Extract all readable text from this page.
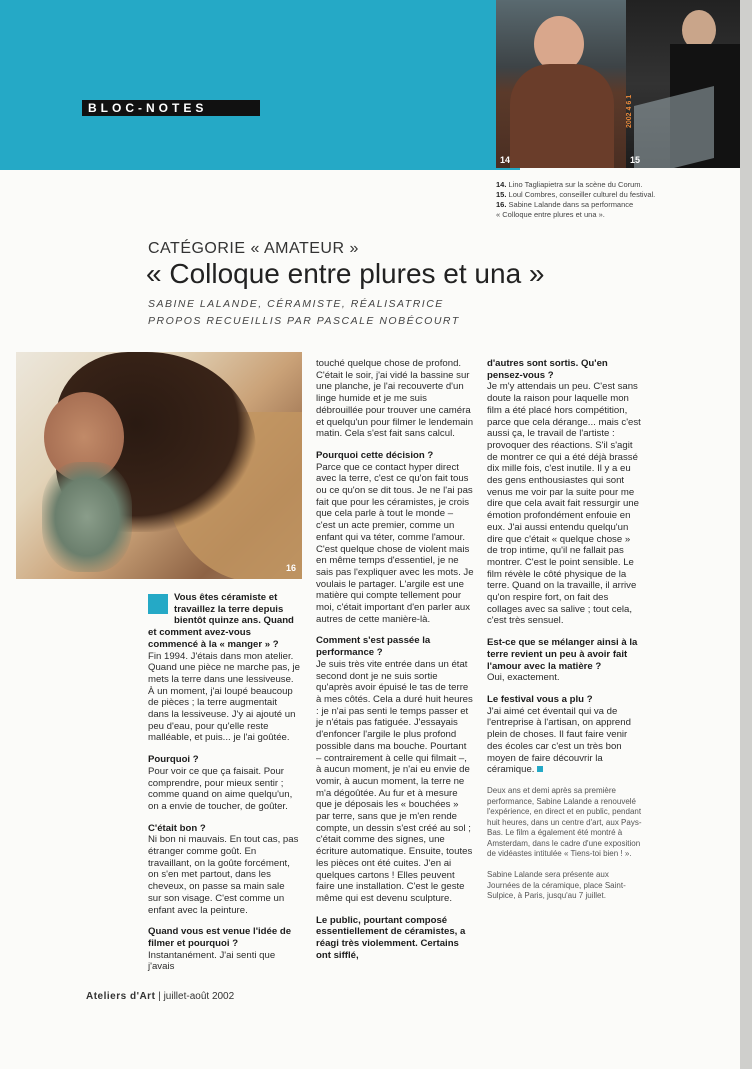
BLOC-NOTES
14	15
2002 4 6 1
14. Lino Tagliapietra sur la scène du Corum.
15. Loul Combres, conseiller culturel du festival.
16. Sabine Lalande dans sa performance
« Colloque entre plures et una ».
CATÉGORIE « AMATEUR »
« Colloque entre plures et una »
SABINE LALANDE, CÉRAMISTE, RÉALISATRICE
PROPOS RECUEILLIS PAR PASCALE NOBÉCOURT
16

Vous êtes céramiste et travaillez la terre depuis bientôt quinze ans. Quand et comment avez-vous commencé à la « manger » ?

Fin 1994. J'étais dans mon atelier. Quand une pièce ne marche pas, je mets la terre dans une lessiveuse. À un moment, j'ai loupé beaucoup de pièces ; la terre augmentait dans la lessiveuse. J'y ai ajouté un peu d'eau, pour qu'elle reste malléable, et puis... je l'ai goûtée.

Pourquoi ?

Pour voir ce que ça faisait. Pour comprendre, pour mieux sentir ; comme quand on aime quelqu'un, on a envie de toucher, de goûter.

C'était bon ?

Ni bon ni mauvais. En tout cas, pas étranger comme goût. En travaillant, on la goûte forcément, on s'en met partout, dans les cheveux, on passe sa main sale sur son visage. C'est comme un enfant avec la peinture.

Quand vous est venue l'idée de filmer et pourquoi ?

Instantanément. J'ai senti que j'avais

touché quelque chose de profond. C'était le soir, j'ai vidé la bassine sur une planche, je l'ai recouverte d'un linge humide et je me suis débrouillée pour trouver une caméra et quelqu'un pour filmer le lendemain matin. Cela s'est fait sans calcul.

Pourquoi cette décision ?

Parce que ce contact hyper direct avec la terre, c'est ce qu'on fait tous ou ce qu'on se dit tous. Je ne l'ai pas fait que pour les céramistes, je crois que cela parle à tout le monde – c'est un acte premier, comme un enfant qui va téter, comme l'amour. C'est quelque chose de violent mais en même temps d'essentiel, je ne sais pas l'expliquer avec les mots. Je voulais le partager. L'argile est une matière qui compte tellement pour moi, c'était important d'en parler aux autres de cette manière-là.

Comment s'est passée la performance ?

Je suis très vite entrée dans un état second dont je ne suis sortie qu'après avoir épuisé le tas de terre à mes côtés. Cela a duré huit heures : je n'ai pas senti le temps passer et je n'étais pas fatiguée. J'essayais d'enfoncer l'argile le plus profond possible dans ma bouche. Pourtant – contrairement à celle qui filmait –, à aucun moment, je n'ai eu envie de vomir, à aucun moment, la terre ne m'a dégoûtée. Au fur et à mesure que je déposais les « bouchées » par terre, sans que je m'en rende compte, un dessin s'est créé au sol ; c'était comme des signes, une écriture automatique. Ensuite, toutes les pièces ont été cuites. J'en ai quelques cartons ! Elles peuvent faire une installation. C'est le geste même qui est devenu sculpture.

Le public, pourtant composé essentiellement de céramistes, a réagi très violemment. Certains ont sifflé,

d'autres sont sortis. Qu'en pensez-vous ?

Je m'y attendais un peu. C'est sans doute la raison pour laquelle mon film a été placé hors compétition, parce que cela dérange... mais c'est aussi ça, le travail de l'artiste : provoquer des réactions. S'il s'agit de montrer ce qui a été déjà brassé dix mille fois, c'est inutile. Il y a eu des gens enthousiastes qui sont venus me voir par la suite pour me dire que cela avait fait ressurgir une émotion profondément enfouie en eux. J'ai aussi entendu quelqu'un dire que c'était « quelque chose » de trop intime, qu'il ne fallait pas montrer. C'est le point sensible. Le film révèle le côté physique de la terre. Quand on la travaille, il arrive qu'on respire fort, on fait des collages avec sa salive ; tout cela, c'est très sensuel.

Est-ce que se mélanger ainsi à la terre revient un peu à avoir fait l'amour avec la matière ?

Oui, exactement.

Le festival vous a plu ?

J'ai aimé cet éventail qui va de l'entreprise à l'artisan, on apprend plein de choses. Il faut faire venir des écoles car c'est un très bon moyen de faire découvrir la céramique.

Deux ans et demi après sa première performance, Sabine Lalande a renouvelé l'expérience, en direct et en public, pendant huit heures, dans un centre d'art, aux Pays-Bas. Le film a également été montré à Amsterdam, dans le cadre d'une exposition de vidéastes intitulée « Tiens-toi bien ! ».

Sabine Lalande sera présente aux Journées de la céramique, place Saint-Sulpice, à Paris, jusqu'au 7 juillet.

Ateliers d'Art | juillet-août 2002
